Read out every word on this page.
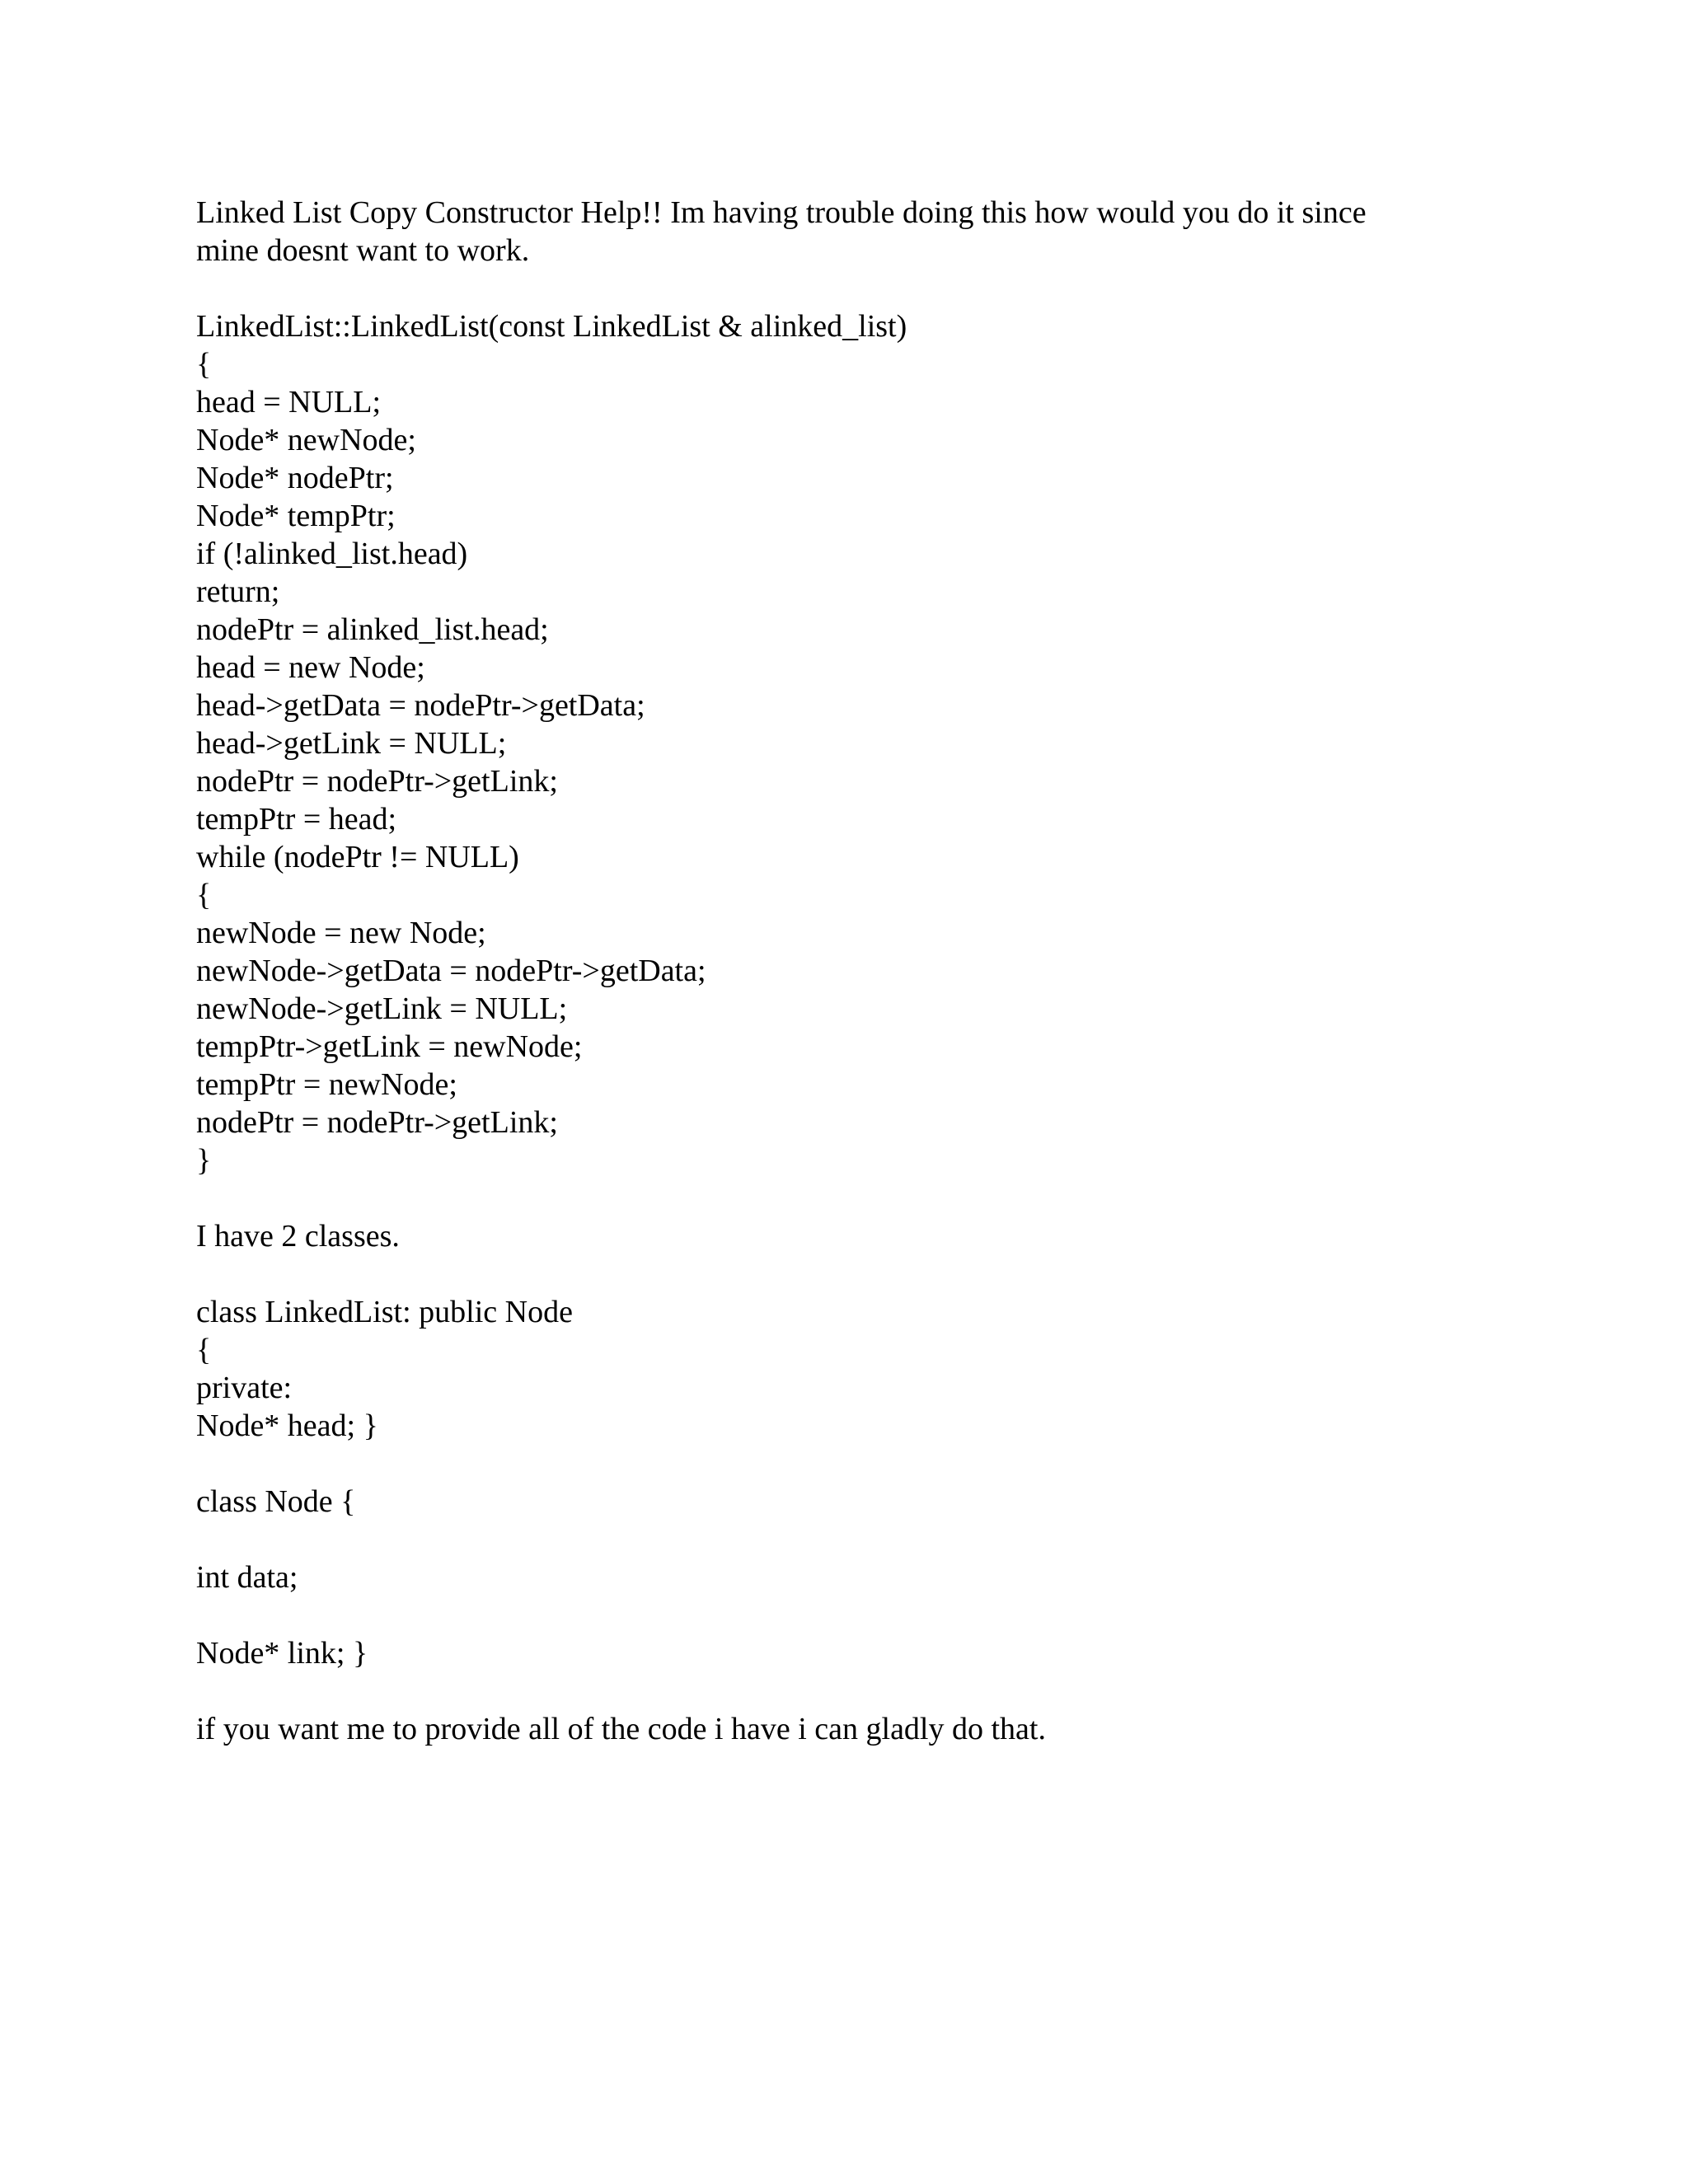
Linked List Copy Constructor Help!! Im having trouble doing this how would you do it since mine doesnt want to work.

LinkedList::LinkedList(const LinkedList & alinked_list)
{
head = NULL;
Node* newNode;
Node* nodePtr;
Node* tempPtr;
if (!alinked_list.head)
return;
nodePtr = alinked_list.head;
head = new Node;
head->getData = nodePtr->getData;
head->getLink = NULL;
nodePtr = nodePtr->getLink;
tempPtr = head;
while (nodePtr != NULL)
{
newNode = new Node;
newNode->getData = nodePtr->getData;
newNode->getLink = NULL;
tempPtr->getLink = newNode;
tempPtr = newNode;
nodePtr = nodePtr->getLink;
}

I have 2 classes.

class LinkedList: public Node
{
private:
Node* head; }

class Node {

int data;

Node* link; }

if you want me to provide all of the code i have i can gladly do that.
